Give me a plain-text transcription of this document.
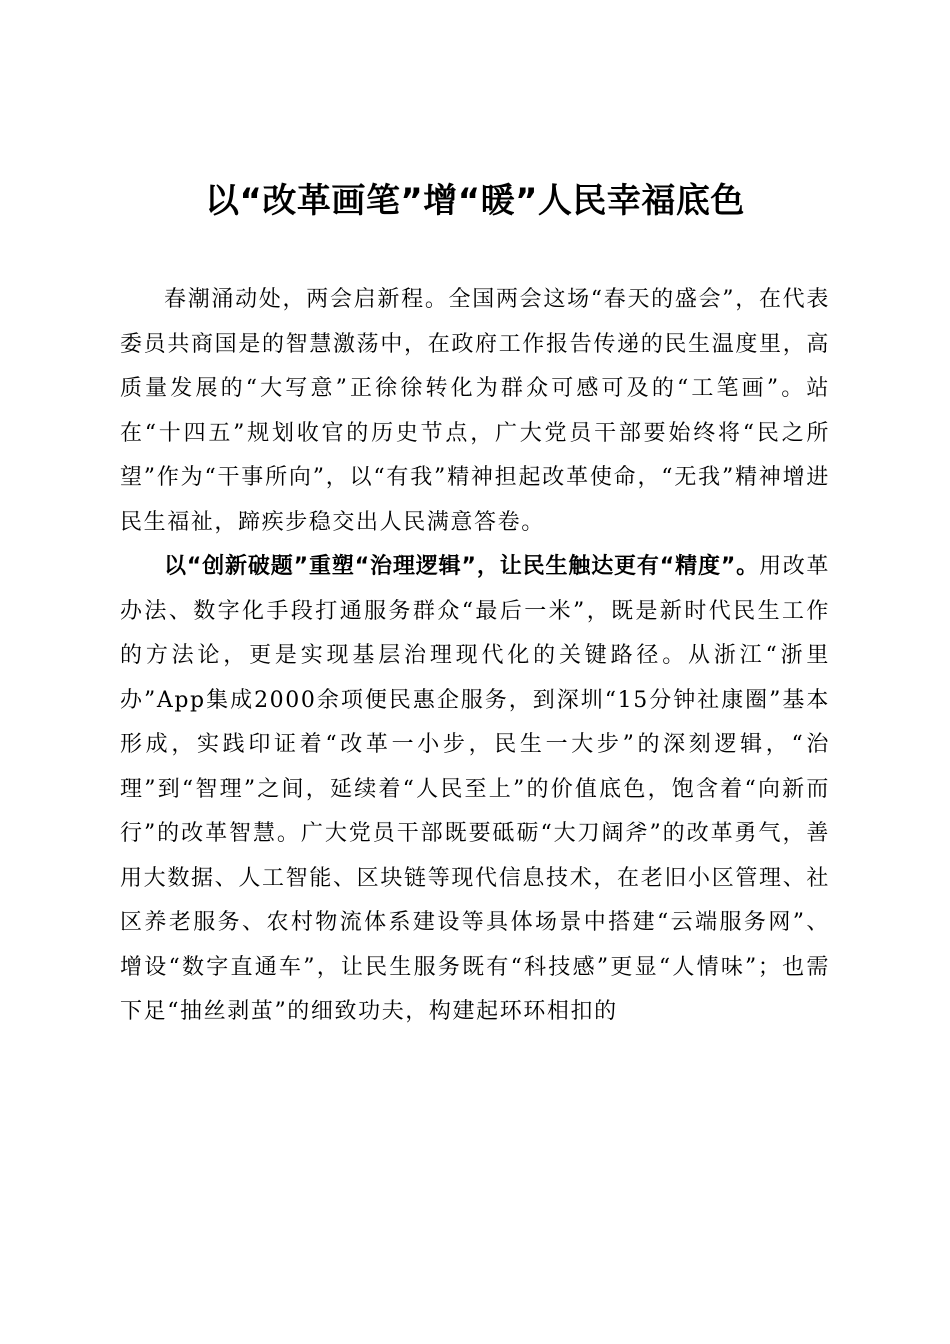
以“改革画笔”增“暖”人民幸福底色

春潮涌动处，两会启新程。全国两会这场“春天的盛会”，在代表委员共商国是的智慧激荡中，在政府工作报告传递的民生温度里，高质量发展的“大写意”正徐徐转化为群众可感可及的“工笔画”。站在“十四五”规划收官的历史节点，广大党员干部要始终将“民之所望”作为“干事所向”，以“有我”精神担起改革使命，“无我”精神增进民生福祉，蹄疾步稳交出人民满意答卷。

以“创新破题”重塑“治理逻辑”，让民生触达更有“精度”。用改革办法、数字化手段打通服务群众“最后一米”，既是新时代民生工作的方法论，更是实现基层治理现代化的关键路径。从浙江“浙里办”App集成2000余项便民惠企服务，到深圳“15分钟社康圈”基本形成，实践印证着“改革一小步，民生一大步”的深刻逻辑，“治理”到“智理”之间，延续着“人民至上”的价值底色，饱含着“向新而行”的改革智慧。广大党员干部既要砥砺“大刀阔斧”的改革勇气，善用大数据、人工智能、区块链等现代信息技术，在老旧小区管理、社区养老服务、农村物流体系建设等具体场景中搭建“云端服务网”、增设“数字直通车”，让民生服务既有“科技感”更显“人情味”；也需下足“抽丝剥茧”的细致功夫，构建起环环相扣的
